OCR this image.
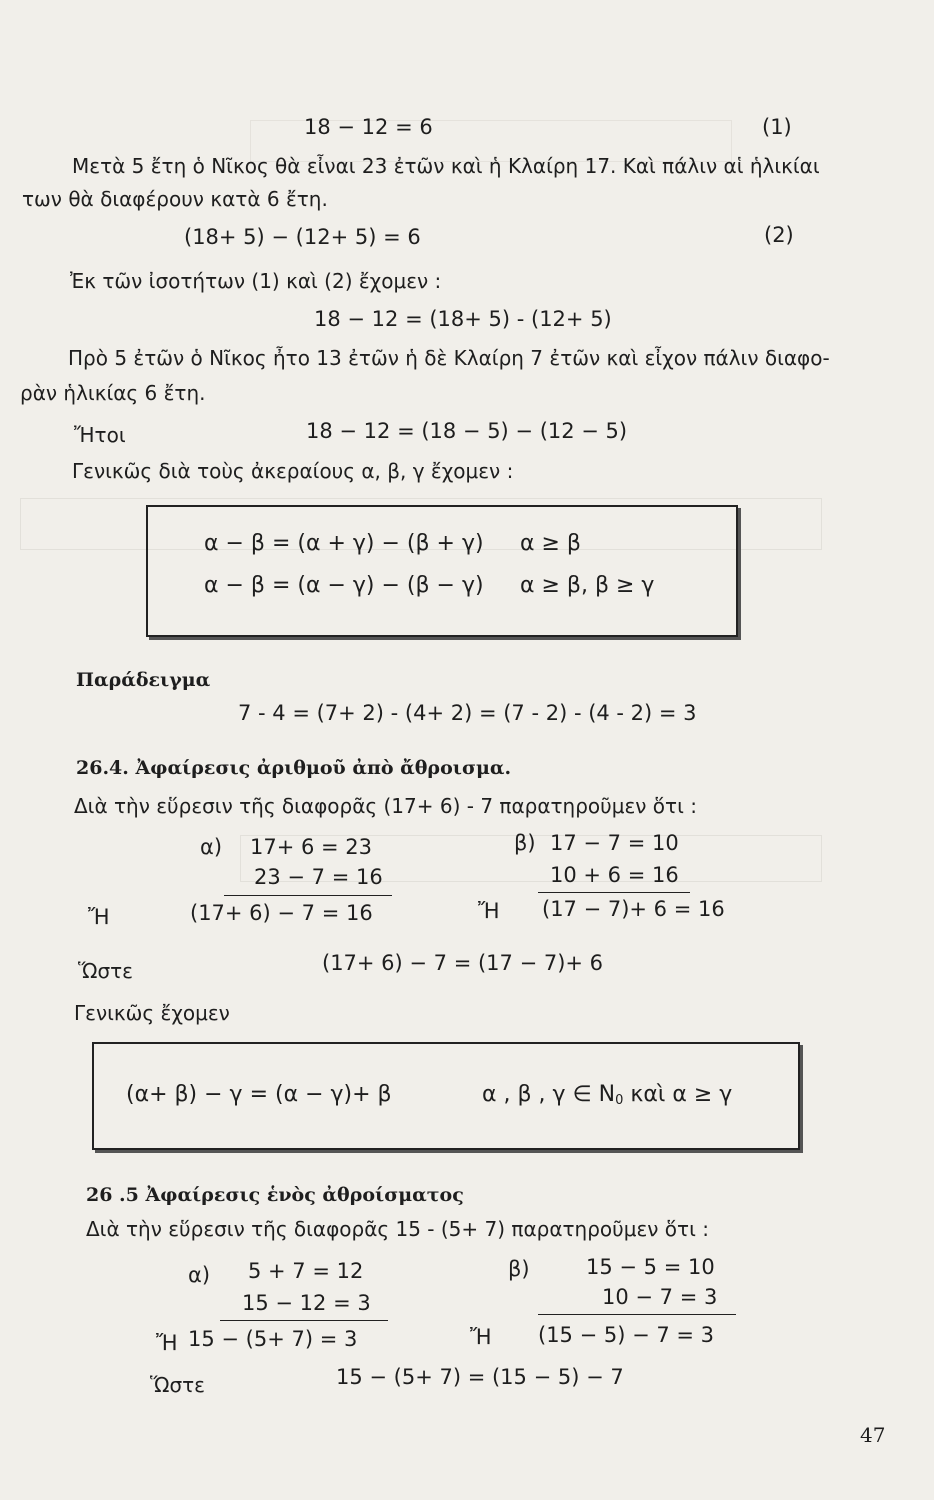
18 − 12 = 6	(1)
Μετὰ 5 ἔτη ὁ Νῖκος θὰ εἶναι 23 ἐτῶν καὶ ἡ Κλαίρη 17. Καὶ πάλιν αἱ ἡλικίαι
των θὰ διαφέρουν κατὰ 6 ἔτη.
(18+ 5) − (12+ 5) = 6	(2)
Ἐκ τῶν ἰσοτήτων (1) καὶ (2) ἔχομεν :
18 − 12 = (18+ 5) - (12+ 5)
Πρὸ 5 ἐτῶν ὁ Νῖκος ἦτο 13 ἐτῶν ἡ δὲ Κλαίρη 7 ἐτῶν καὶ εἶχον πάλιν διαφο-
ρὰν ἡλικίας 6 ἔτη.
Ἤτοι	18 − 12 = (18 − 5) − (12 − 5)
Γενικῶς διὰ τοὺς ἀκεραίους α, β, γ ἔχομεν :
α − β = (α + γ) − (β + γ) α ≥ β
α − β = (α − γ) − (β − γ) α ≥ β, β ≥ γ
Παράδειγμα
7 - 4 = (7+ 2) - (4+ 2) = (7 - 2) - (4 - 2) = 3
26.4. Ἀφαίρεσις ἀριθμοῦ ἀπὸ ἄθροισμα.
Διὰ τὴν εὕρεσιν τῆς διαφορᾶς (17+ 6) - 7 παρατηροῦμεν ὅτι :
α) 17+ 6 = 23
23 − 7 = 16
β) 17 − 7 = 10
10 + 6 = 16
Ἤ	(17+ 6) − 7 = 16	Ἤ (17 − 7)+ 6 = 16
Ὥστε	(17+ 6) − 7 = (17 − 7)+ 6
Γενικῶς ἔχομεν
(α+ β) − γ = (α − γ)+ β	α , β , γ ∈ $N_0$ καὶ α ≥ γ
26 .5 Ἀφαίρεσις ἑνὸς ἀθροίσματος
Διὰ τὴν εὕρεσιν τῆς διαφορᾶς 15 - (5+ 7) παρατηροῦμεν ὅτι :
α) 5 + 7 = 12
15 − 12 = 3
β)	15 − 5 = 10
10 − 7 = 3
Ἤ 15 − (5+ 7) = 3	Ἤ (15 − 5) − 7 = 3
Ὥστε	15 − (5+ 7) = (15 − 5) − 7
47
